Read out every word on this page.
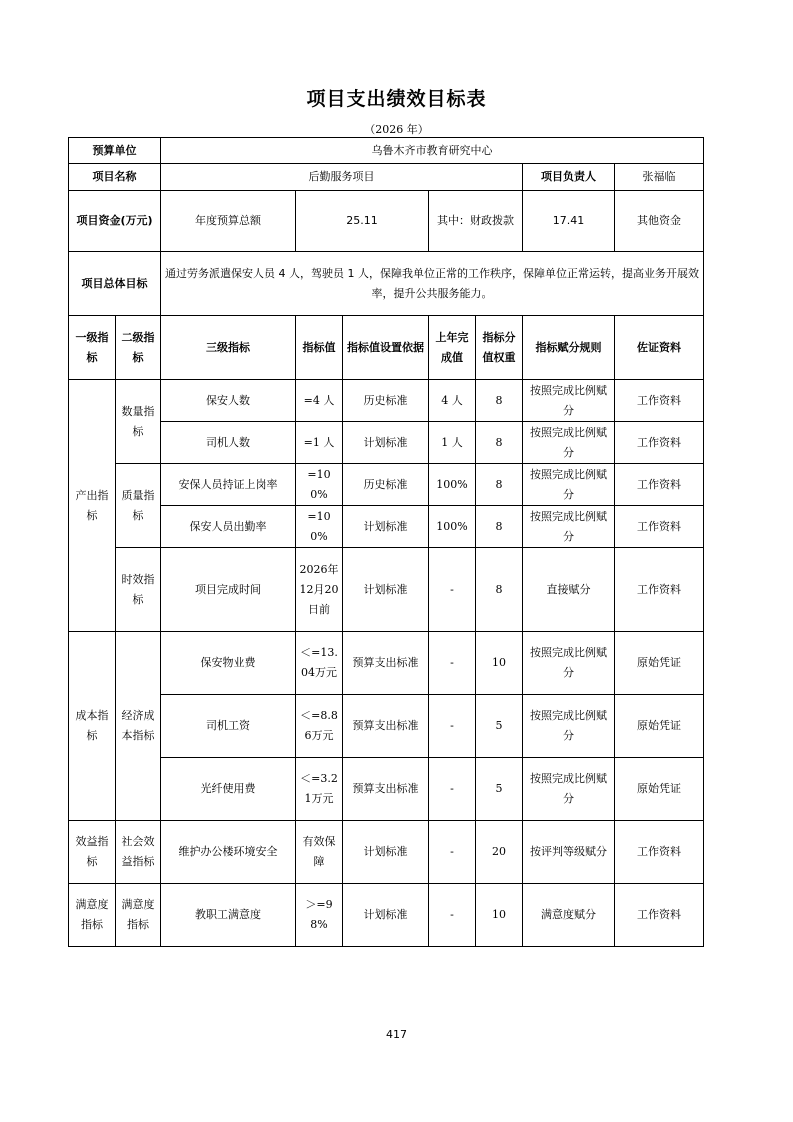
项目支出绩效目标表
（2026 年）
预算单位		乌鲁木齐市教育研究中心							
项目名称		后勤服务项目					项目负责人	张福临	
项目资金(万元)		年度预算总额	25.11		其中：财政拨款		17.41	其他资金	
项目总体目标		通过劳务派遣保安人员 4 人，驾驶员 1 人，保障我单位正常的工作秩序，保障单位正常运转，提高业务开展效率，提升公共服务能力。							
一级指标	二级指标	三级指标	指标值	指标值设置依据	上年完成值	指标分值权重	指标赋分规则	佐证资料	
产出指标	数量指标	保安人数	=4 人	历史标准	4 人	8	按照完成比例赋分	工作资料	
		司机人数	=1 人	计划标准	1 人	8	按照完成比例赋分	工作资料	
	质量指标	安保人员持证上岗率	=100%	历史标准	100%	8	按照完成比例赋分	工作资料	
		保安人员出勤率	=100%	计划标准	100%	8	按照完成比例赋分	工作资料	
	时效指标	项目完成时间	2026年12月20日前	计划标准	-	8	直接赋分	工作资料	
成本指标	经济成本指标	保安物业费	＜=13.04万元	预算支出标准	-	10	按照完成比例赋分	原始凭证	
		司机工资	＜=8.86万元	预算支出标准	-	5	按照完成比例赋分	原始凭证	
		光纤使用费	＜=3.21万元	预算支出标准	-	5	按照完成比例赋分	原始凭证	
效益指标	社会效益指标	维护办公楼环境安全	有效保障	计划标准	-	20	按评判等级赋分	工作资料	
满意度指标	满意度指标	教职工满意度	＞=98%	计划标准	-	10	满意度赋分	工作资料	
417
